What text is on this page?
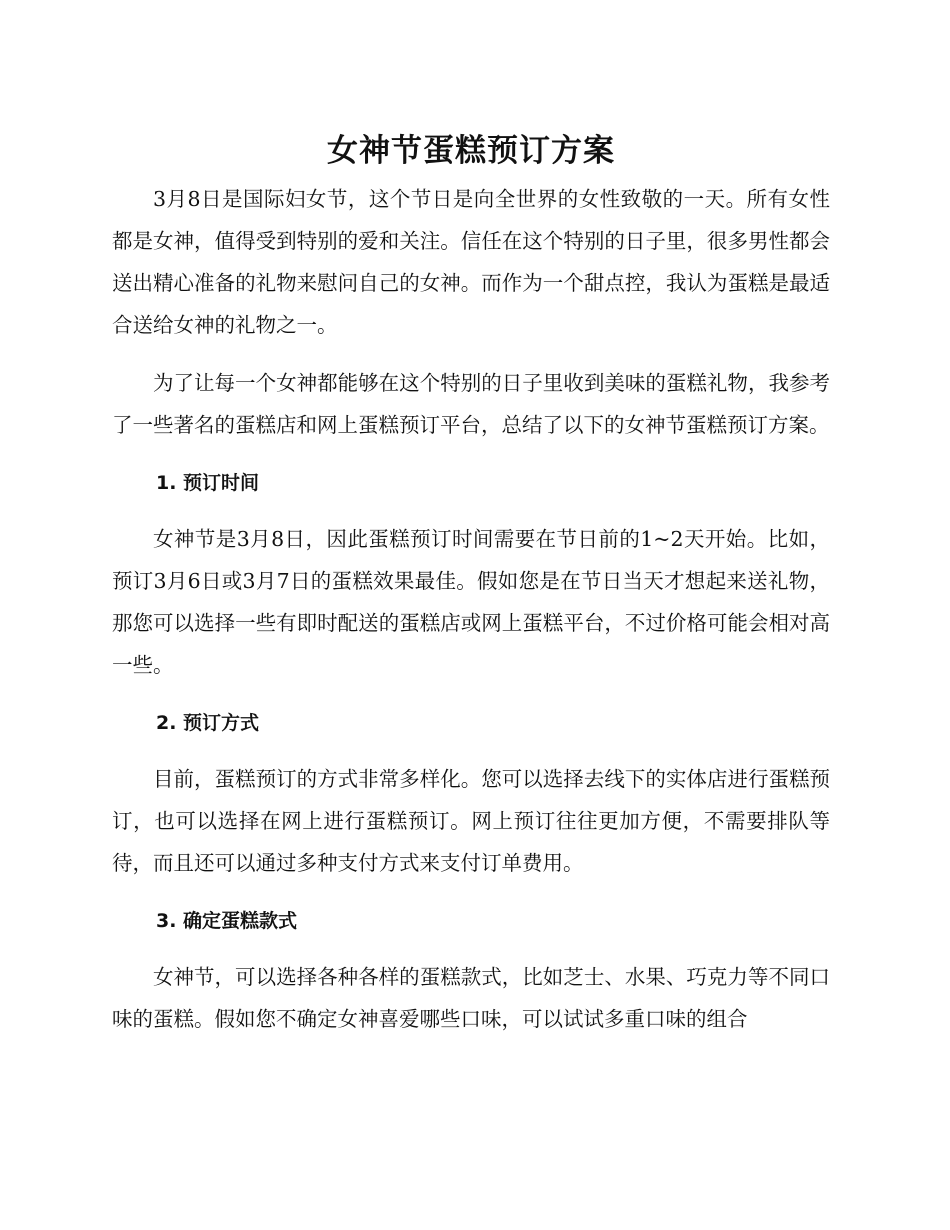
女神节蛋糕预订方案

3月8日是国际妇女节，这个节日是向全世界的女性致敬的一天。所有女性都是女神，值得受到特别的爱和关注。信任在这个特别的日子里，很多男性都会送出精心准备的礼物来慰问自己的女神。而作为一个甜点控，我认为蛋糕是最适合送给女神的礼物之一。

为了让每一个女神都能够在这个特别的日子里收到美味的蛋糕礼物，我参考了一些著名的蛋糕店和网上蛋糕预订平台，总结了以下的女神节蛋糕预订方案。

1. 预订时间

女神节是3月8日，因此蛋糕预订时间需要在节日前的1~2天开始。比如，预订3月6日或3月7日的蛋糕效果最佳。假如您是在节日当天才想起来送礼物，那您可以选择一些有即时配送的蛋糕店或网上蛋糕平台，不过价格可能会相对高一些。

2. 预订方式

目前，蛋糕预订的方式非常多样化。您可以选择去线下的实体店进行蛋糕预订，也可以选择在网上进行蛋糕预订。网上预订往往更加方便，不需要排队等待，而且还可以通过多种支付方式来支付订单费用。

3. 确定蛋糕款式

女神节，可以选择各种各样的蛋糕款式，比如芝士、水果、巧克力等不同口味的蛋糕。假如您不确定女神喜爱哪些口味，可以试试多重口味的组合
